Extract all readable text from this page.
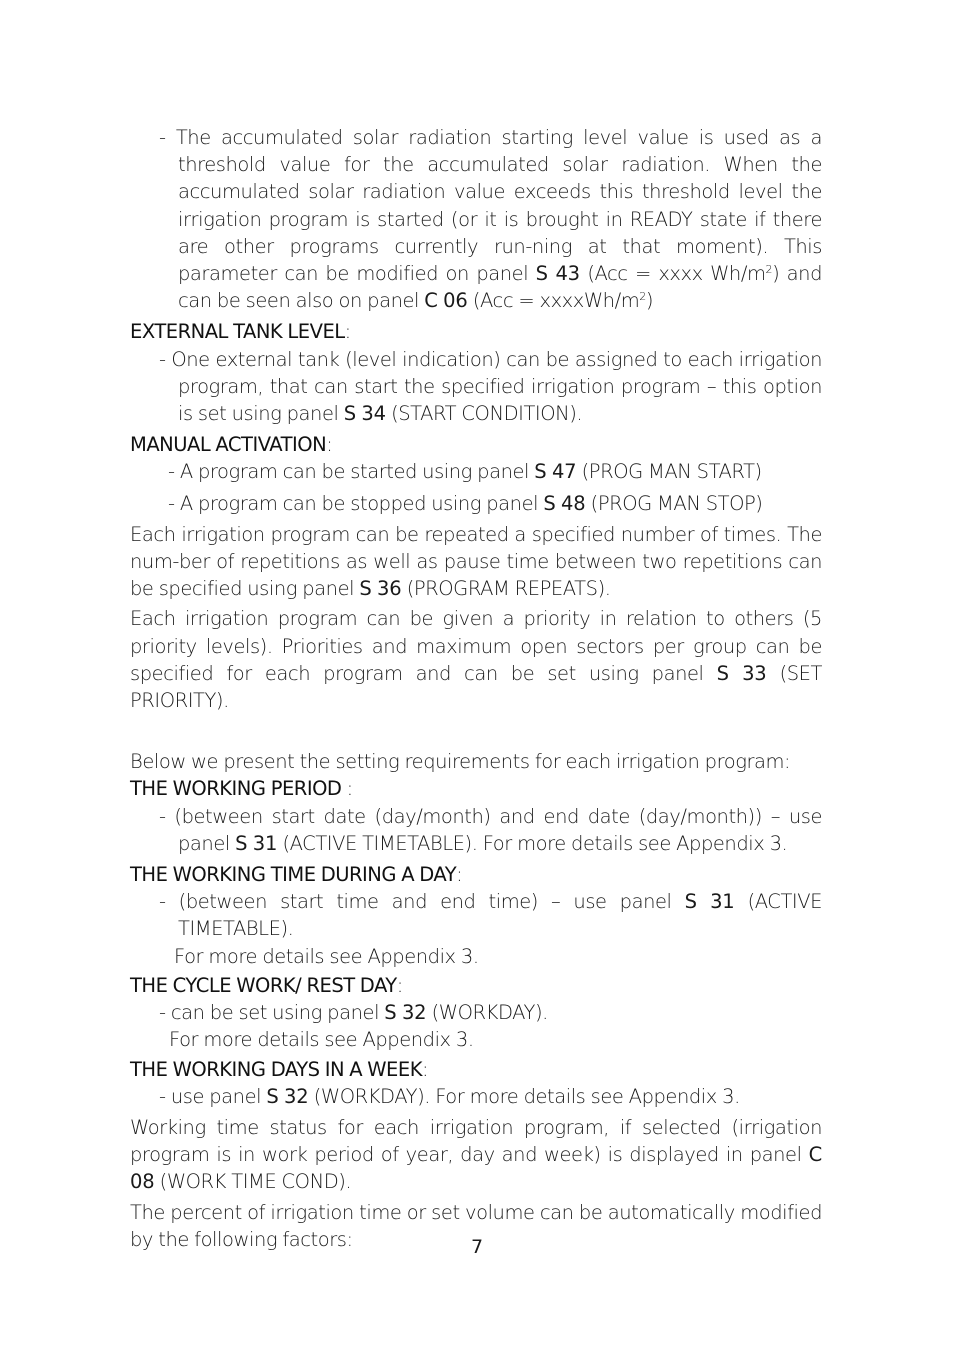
- The accumulated solar radiation starting level value is used as a threshold value for the accumulated solar radiation. When the accumulated solar radiation value exceeds this threshold level the irrigation program is started (or it is brought in READY state if there are other programs currently run-ning at that moment). This parameter can be modified on panel S 43 (Acc = xxxx $Wh/m^2$) and can be seen also on panel C 06 (Acc = xxxxWh/$m^2$)

EXTERNAL TANK LEVEL:

- One external tank (level indication) can be assigned to each irrigation program, that can start the specified irrigation program – this option is set using panel S 34 (START CONDITION).

MANUAL ACTIVATION:

- A program can be started using panel S 47 (PROG MAN START)

- A program can be stopped using panel S 48 (PROG MAN STOP)

Each irrigation program can be repeated a specified number of times. The num-ber of repetitions as well as pause time between two repetitions can be specified using panel S 36 (PROGRAM REPEATS).

Each irrigation program can be given a priority in relation to others (5 priority levels). Priorities and maximum open sectors per group can be specified for each program and can be set using panel S 33 (SET PRIORITY).

Below we present the setting requirements for each irrigation program:

THE WORKING PERIOD :

- (between start date (day/month) and end date (day/month)) – use panel S 31 (ACTIVE TIMETABLE). For more details see Appendix 3.

THE WORKING TIME DURING A DAY:

- (between start time and end time) – use panel S 31 (ACTIVE TIMETABLE).

For more details see Appendix 3.

THE CYCLE WORK/ REST DAY:

- can be set using panel S 32 (WORKDAY).

For more details see Appendix 3.

THE WORKING DAYS IN A WEEK:

- use panel S 32 (WORKDAY). For more details see Appendix 3.

Working time status for each irrigation program, if selected (irrigation program is in work period of year, day and week) is displayed in panel C 08 (WORK TIME COND).

The percent of irrigation time or set volume can be automatically modified by the following factors:	7
